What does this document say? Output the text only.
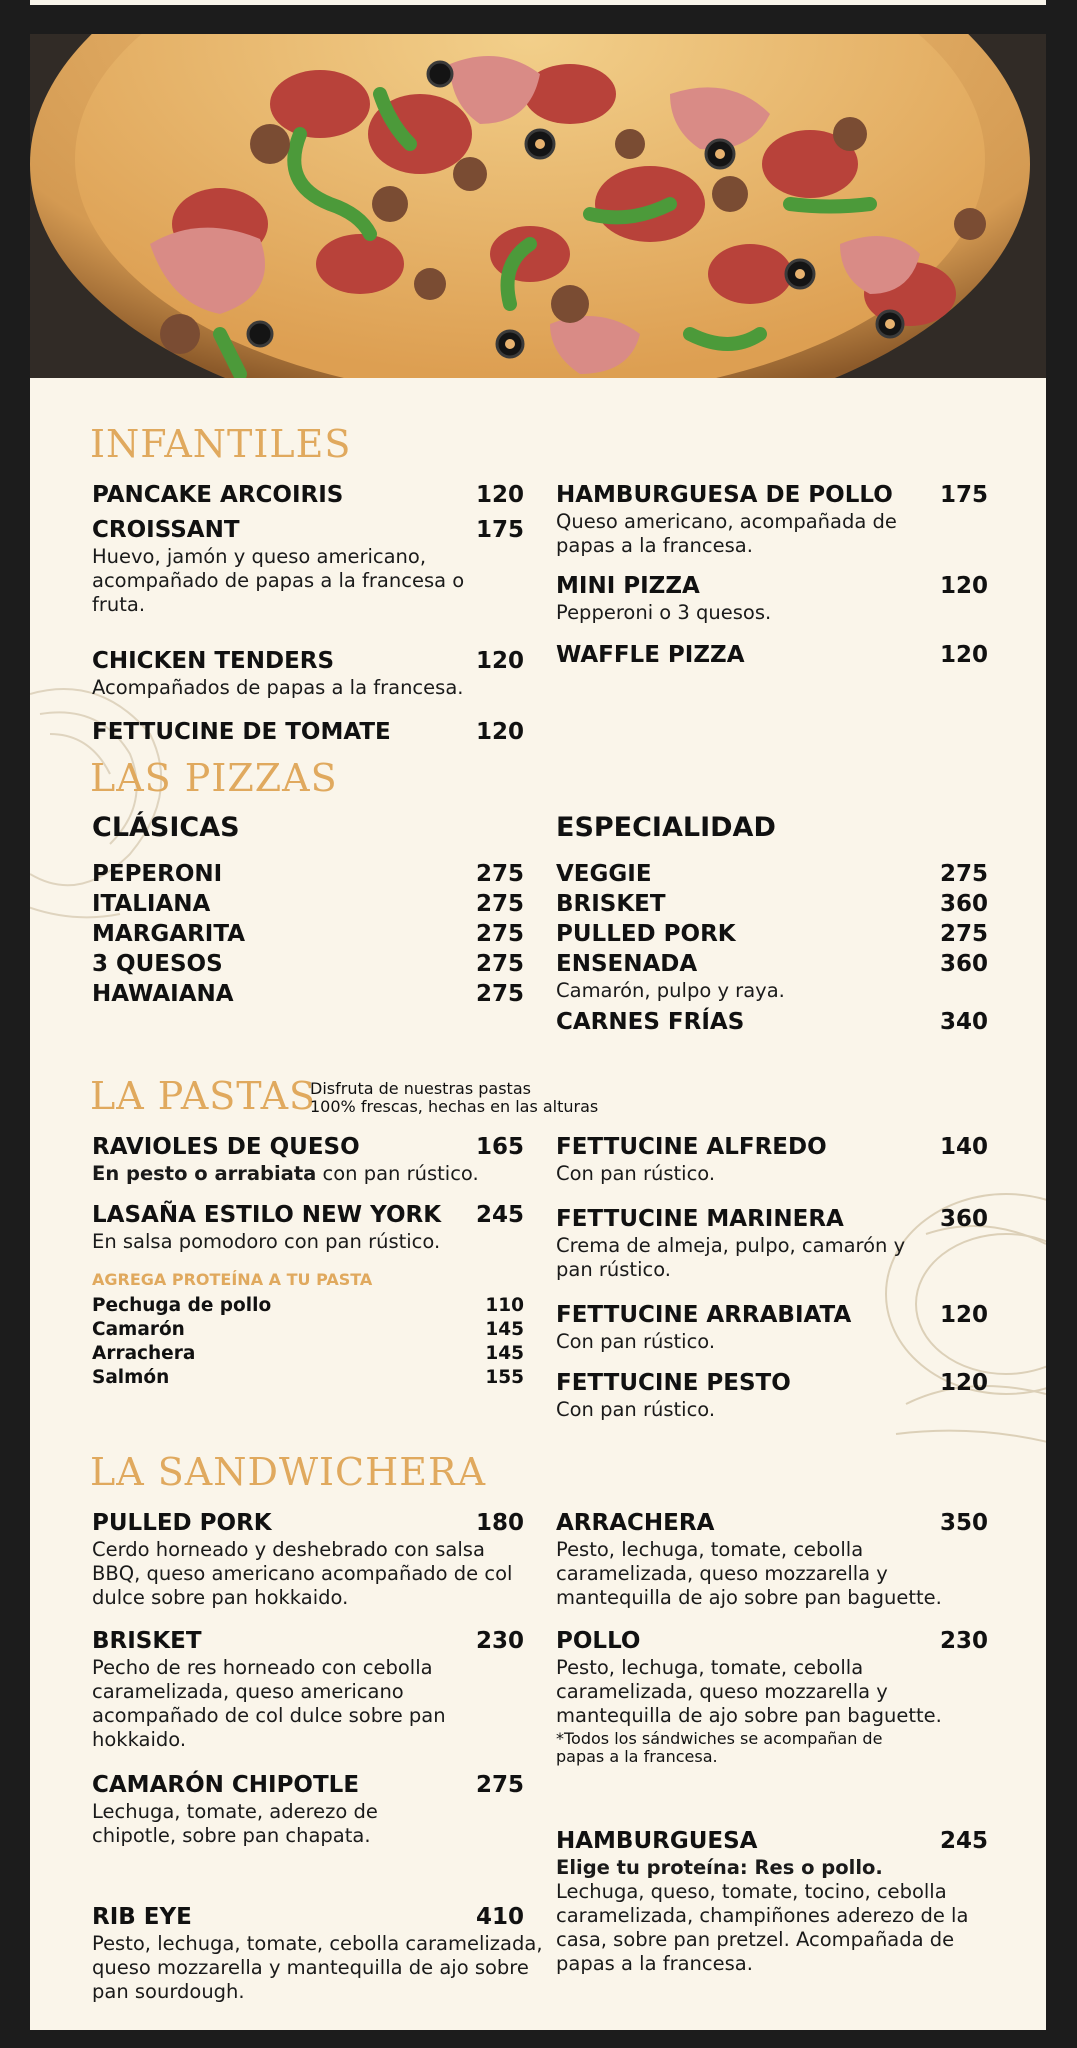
INFANTILES
PANCAKE ARCOIRIS	120
CROISSANT	175
Huevo, jamón y queso americano, acompañado de papas a la francesa o fruta.
CHICKEN TENDERS	120
Acompañados de papas a la francesa.
FETTUCINE DE TOMATE	120
HAMBURGUESA DE POLLO 175
Queso americano, acompañada de papas a la francesa.
MINI PIZZA	120
Pepperoni o 3 quesos.
WAFFLE PIZZA	120
LAS PIZZAS
CLÁSICAS	ESPECIALIDAD
PEPERONI	275
ITALIANA	275
MARGARITA	275
3 QUESOS	275
HAWAIANA	275
VEGGIE	275
BRISKET	360
PULLED PORK	275
ENSENADA	360
Camarón, pulpo y raya.
CARNES FRÍAS	340
LA PASTAS
Disfruta de nuestras pastas
100% frescas, hechas en las alturas
RAVIOLES DE QUESO	165
En pesto o arrabiata con pan rústico.
LASAÑA ESTILO NEW YORK 245
En salsa pomodoro con pan rústico.
AGREGA PROTEÍNA A TU PASTA
Pechuga de pollo	110
Camarón	145
Arrachera	145
Salmón	155
FETTUCINE ALFREDO	140
Con pan rústico.
FETTUCINE MARINERA	360
Crema de almeja, pulpo, camarón y pan rústico.
FETTUCINE ARRABIATA	120
Con pan rústico.
FETTUCINE PESTO	120
Con pan rústico.
LA SANDWICHERA
PULLED PORK	180
Cerdo horneado y deshebrado con salsa BBQ, queso americano acompañado de col dulce sobre pan hokkaido.
BRISKET	230
Pecho de res horneado con cebolla caramelizada, queso americano acompañado de col dulce sobre pan hokkaido.
CAMARÓN CHIPOTLE	275
Lechuga, tomate, aderezo de chipotle, sobre pan chapata.
RIB EYE	410
Pesto, lechuga, tomate, cebolla caramelizada, queso mozzarella y mantequilla de ajo sobre pan sourdough.
ARRACHERA	350
Pesto, lechuga, tomate, cebolla caramelizada, queso mozzarella y mantequilla de ajo sobre pan baguette.
POLLO	230
Pesto, lechuga, tomate, cebolla caramelizada, queso mozzarella y mantequilla de ajo sobre pan baguette.
*Todos los sándwiches se acompañan de papas a la francesa.
HAMBURGUESA	245
Elige tu proteína: Res o pollo.
Lechuga, queso, tomate, tocino, cebolla caramelizada, champiñones aderezo de la casa, sobre pan pretzel. Acompañada de papas a la francesa.
